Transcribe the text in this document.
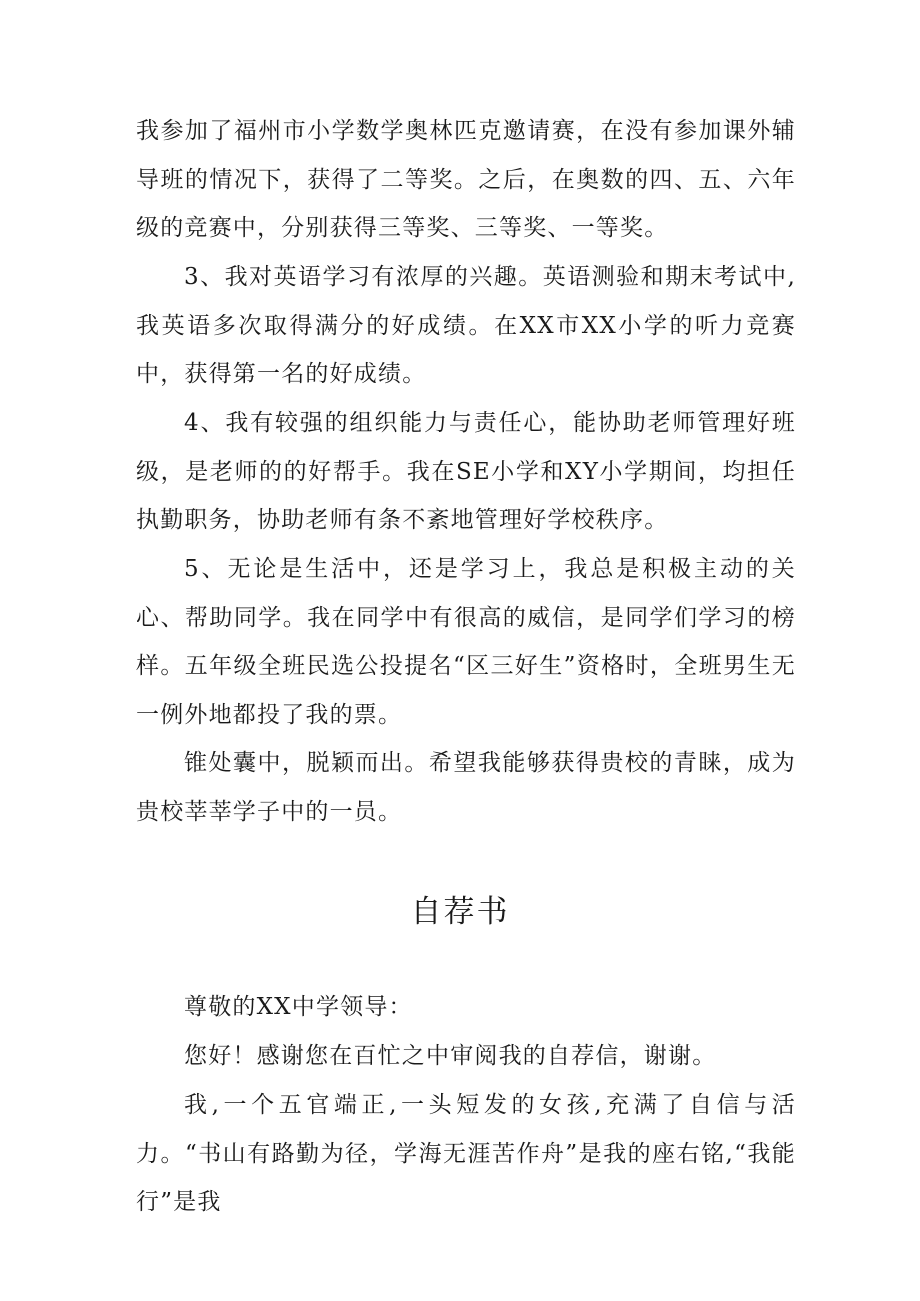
我参加了福州市小学数学奥林匹克邀请赛，在没有参加课外辅导班的情况下，获得了二等奖。之后，在奥数的四、五、六年级的竞赛中，分别获得三等奖、三等奖、一等奖。

3、我对英语学习有浓厚的兴趣。英语测验和期末考试中,我英语多次取得满分的好成绩。在XX市XX小学的听力竞赛中，获得第一名的好成绩。

4、我有较强的组织能力与责任心，能协助老师管理好班级，是老师的的好帮手。我在SE小学和XY小学期间，均担任执勤职务，协助老师有条不紊地管理好学校秩序。

5、无论是生活中，还是学习上，我总是积极主动的关心、帮助同学。我在同学中有很高的威信，是同学们学习的榜样。五年级全班民选公投提名“区三好生”资格时，全班男生无一例外地都投了我的票。

锥处囊中，脱颖而出。希望我能够获得贵校的青睐，成为贵校莘莘学子中的一员。

自荐书

尊敬的XX中学领导：

您好！感谢您在百忙之中审阅我的自荐信，谢谢。

我,一个五官端正,一头短发的女孩,充满了自信与活力。“书山有路勤为径，学海无涯苦作舟”是我的座右铭,“我能行”是我
